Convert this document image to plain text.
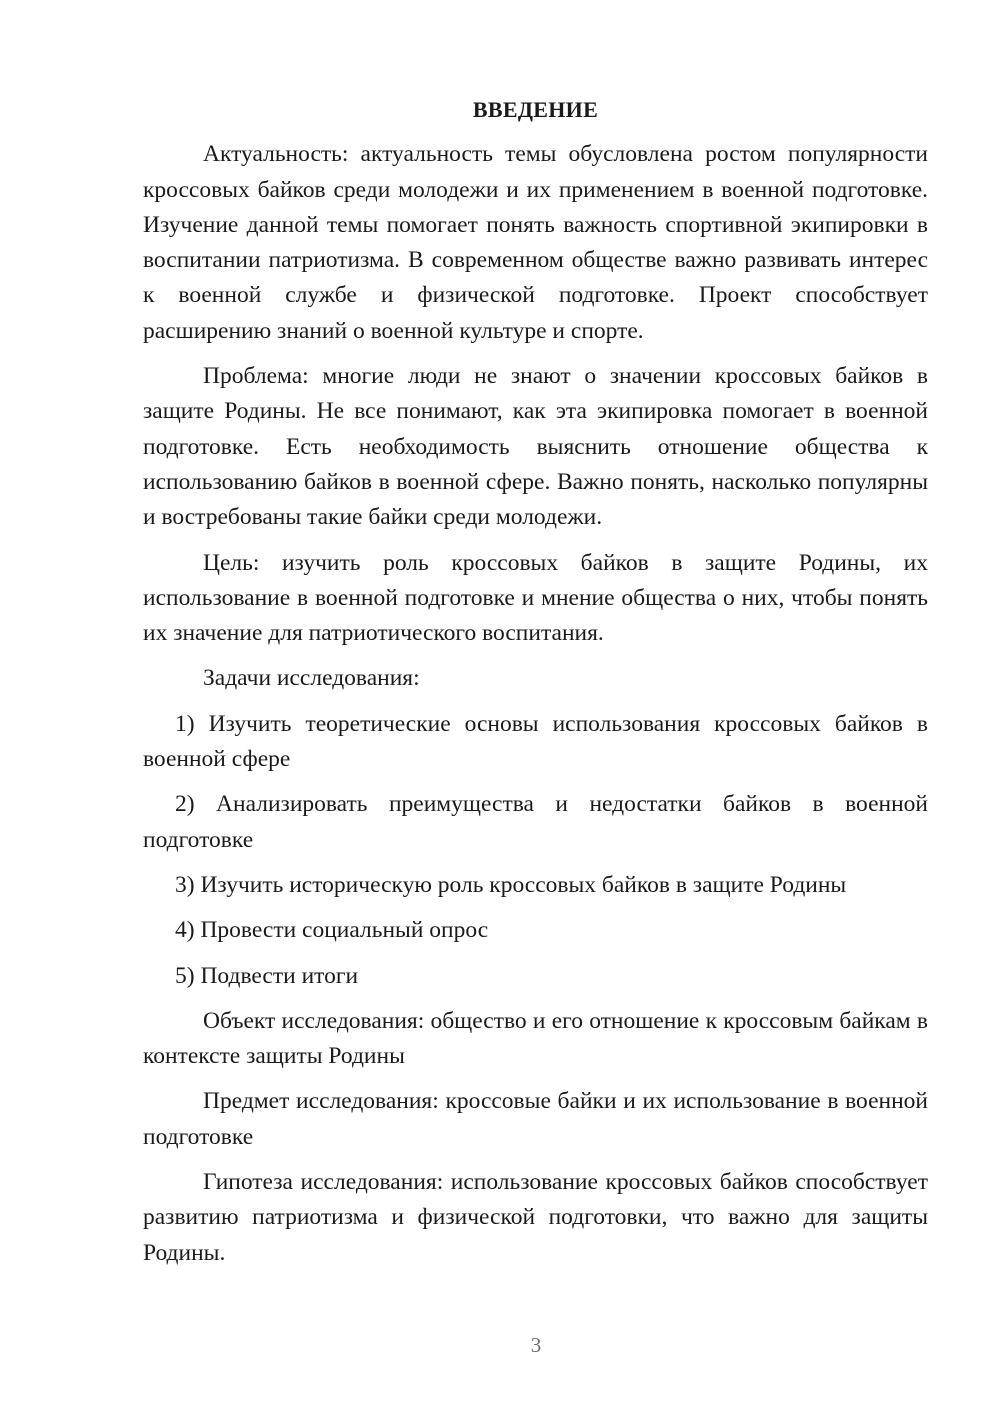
ВВЕДЕНИЕ

Актуальность: актуальность темы обусловлена ростом популярности кроссовых байков среди молодежи и их применением в военной подготовке. Изучение данной темы помогает понять важность спортивной экипировки в воспитании патриотизма. В современном обществе важно развивать интерес к военной службе и физической подготовке. Проект способствует расширению знаний о военной культуре и спорте.

Проблема: многие люди не знают о значении кроссовых байков в защите Родины. Не все понимают, как эта экипировка помогает в военной подготовке. Есть необходимость выяснить отношение общества к использованию байков в военной сфере. Важно понять, насколько популярны и востребованы такие байки среди молодежи.

Цель: изучить роль кроссовых байков в защите Родины, их использование в военной подготовке и мнение общества о них, чтобы понять их значение для патриотического воспитания.

Задачи исследования:

1) Изучить теоретические основы использования кроссовых байков в военной сфере

2) Анализировать преимущества и недостатки байков в военной подготовке

3) Изучить историческую роль кроссовых байков в защите Родины

4) Провести социальный опрос

5) Подвести итоги

Объект исследования: общество и его отношение к кроссовым байкам в контексте защиты Родины

Предмет исследования: кроссовые байки и их использование в военной подготовке

Гипотеза исследования: использование кроссовых байков способствует развитию патриотизма и физической подготовки, что важно для защиты Родины.

3
